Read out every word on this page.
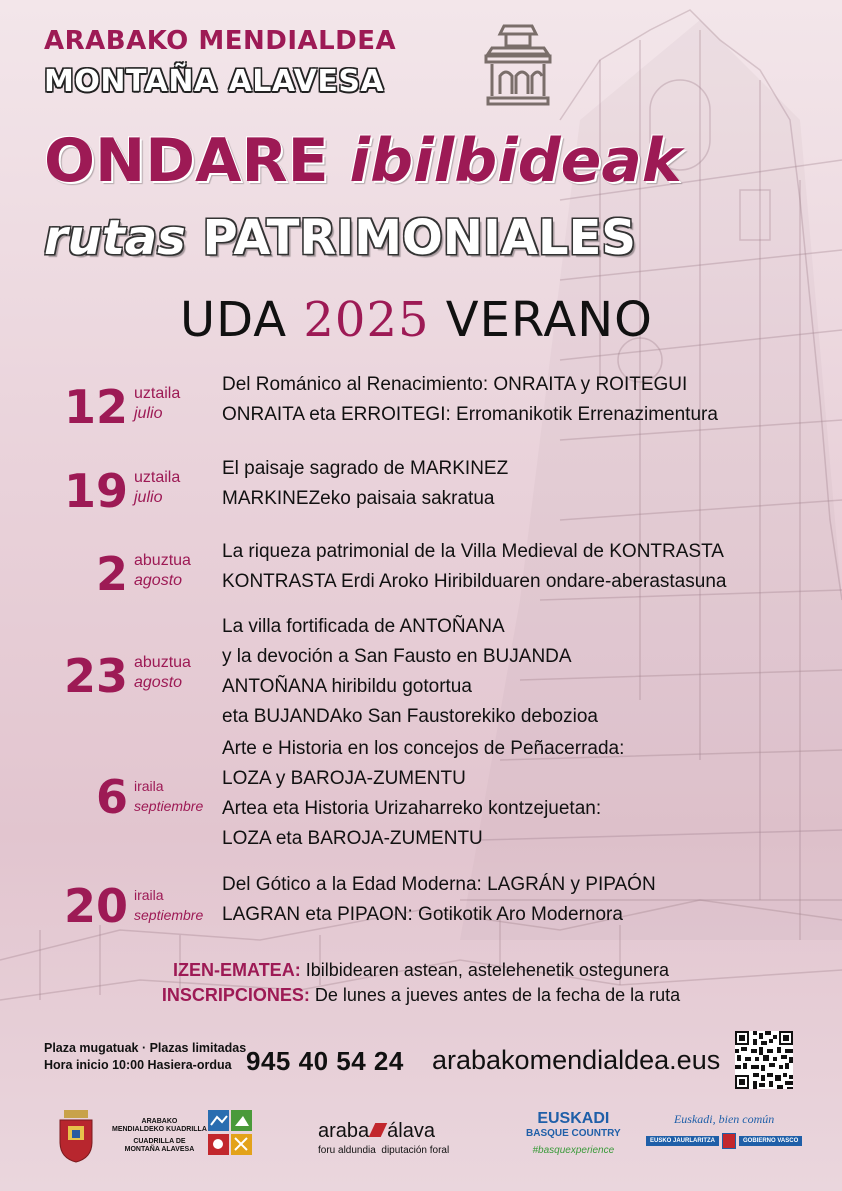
ARABAKO MENDIALDEA
MONTAÑA ALAVESA
ONDARE ibilbideak
rutas PATRIMONIALES
UDA 2025 VERANO
12 uztaila
julio
Del Románico al Renacimiento: ONRAITA y ROITEGUI
ONRAITA eta ERROITEGI: Erromanikotik Errenazimentura
19 uztaila
julio
El paisaje sagrado de MARKINEZ
MARKINEZeko paisaia sakratua
2 abuztua
agosto
La riqueza patrimonial de la Villa Medieval de KONTRASTA
KONTRASTA Erdi Aroko Hiribilduaren ondare-aberastasuna
23 abuztua
agosto
La villa fortificada de ANTOÑANA
y la devoción a San Fausto en BUJANDA
ANTOÑANA hiribildu gotortua
eta BUJANDAko San Faustorekiko debozioa
6 iraila
septiembre
Arte e Historia en los concejos de Peñacerrada:
LOZA y BAROJA-ZUMENTU
Artea eta Historia Urizaharreko kontzejuetan:
LOZA eta BAROJA-ZUMENTU
20 iraila
septiembre
Del Gótico a la Edad Moderna: LAGRÁN y PIPAÓN
LAGRAN eta PIPAON: Gotikotik Aro Modernora
IZEN-EMATEA: Ibilbidearen astean, astelehenetik ostegunera
INSCRIPCIONES: De lunes a jueves antes de la fecha de la ruta
Plaza mugatuak · Plazas limitadas
Hora inicio 10:00 Hasiera-ordua 945 40 54 24 arabakomendialdea.eus
ARABAKO
MENDIALDEKO KUADRILLA
CUADRILLA DE
MONTAÑA ALAVESA
araba álava
foru aldundia diputación foral
EUSKADI
BASQUE COUNTRY
#basquexperience
Euskadi, bien común
EUSKO JAURLARITZA	GOBIERNO VASCO
